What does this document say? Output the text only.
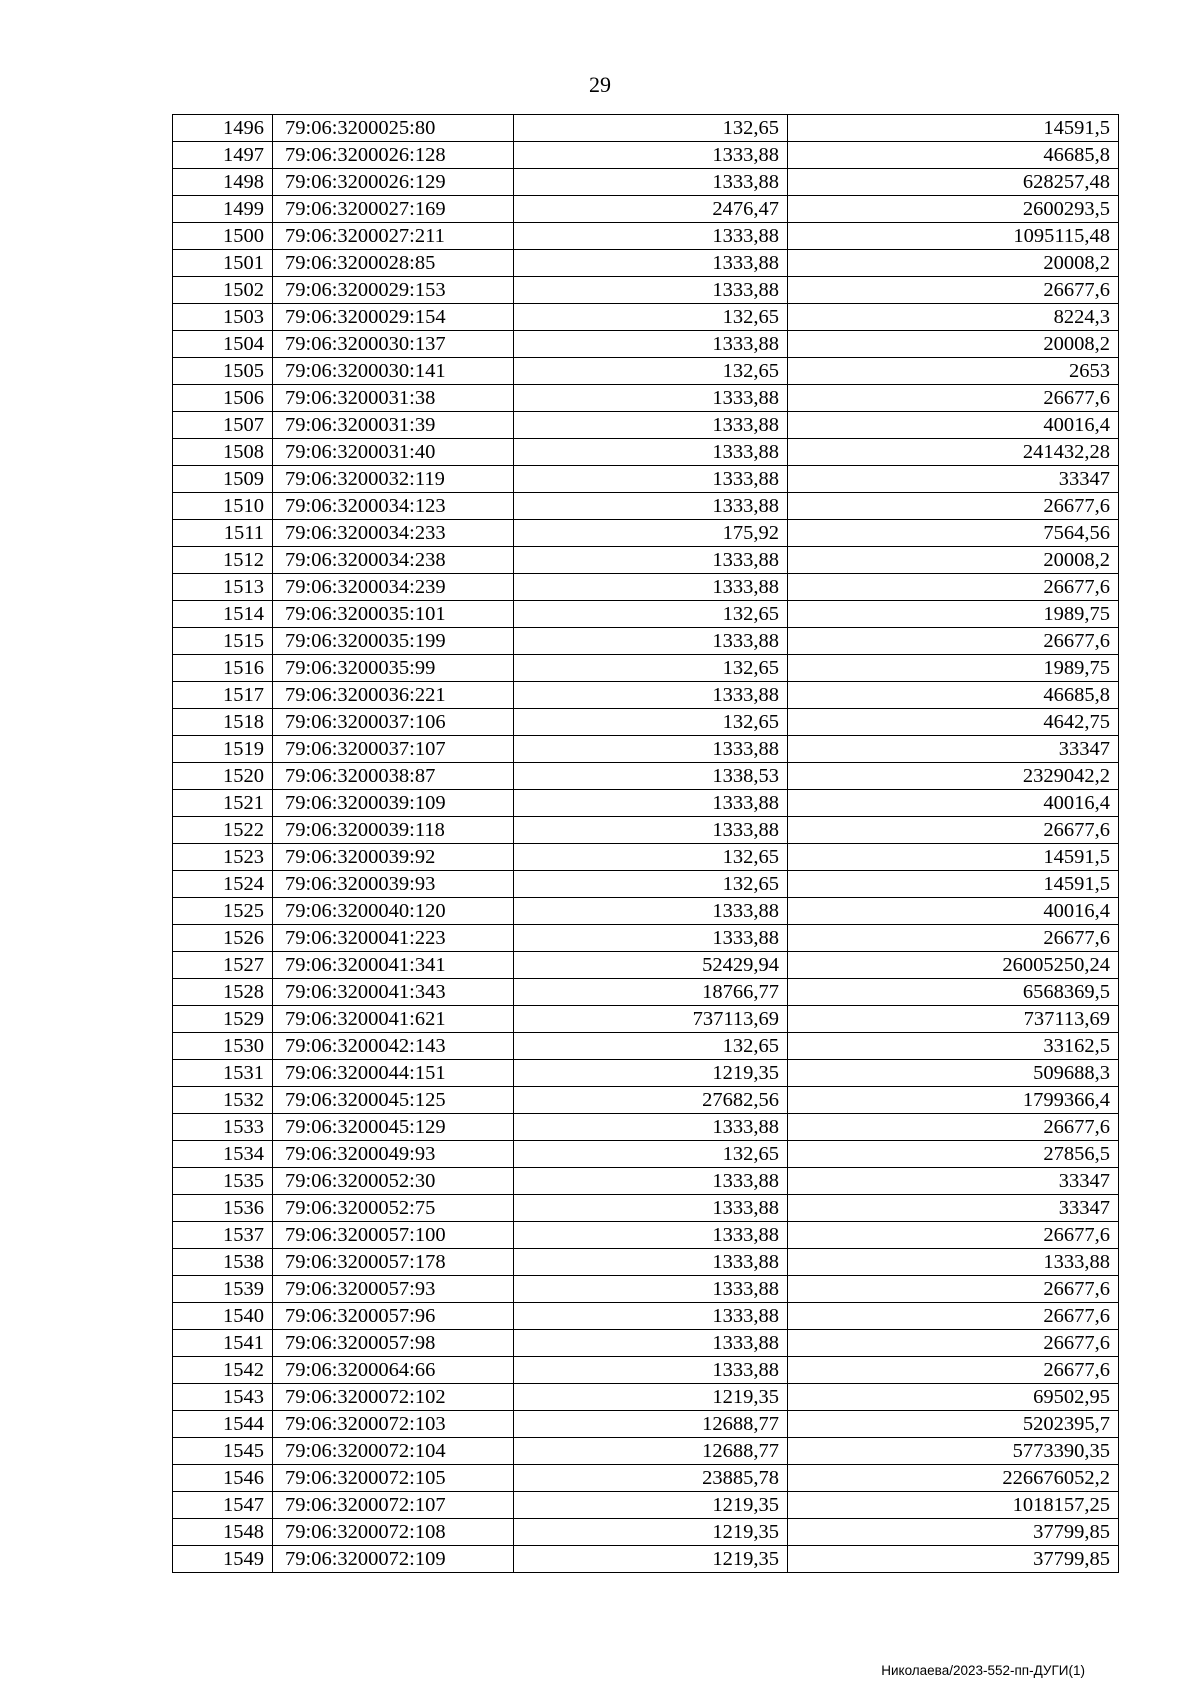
29
1496	79:06:3200025:80	132,65	14591,5
1497	79:06:3200026:128	1333,88	46685,8
1498	79:06:3200026:129	1333,88	628257,48
1499	79:06:3200027:169	2476,47	2600293,5
1500	79:06:3200027:211	1333,88	1095115,48
1501	79:06:3200028:85	1333,88	20008,2
1502	79:06:3200029:153	1333,88	26677,6
1503	79:06:3200029:154	132,65	8224,3
1504	79:06:3200030:137	1333,88	20008,2
1505	79:06:3200030:141	132,65	2653
1506	79:06:3200031:38	1333,88	26677,6
1507	79:06:3200031:39	1333,88	40016,4
1508	79:06:3200031:40	1333,88	241432,28
1509	79:06:3200032:119	1333,88	33347
1510	79:06:3200034:123	1333,88	26677,6
1511	79:06:3200034:233	175,92	7564,56
1512	79:06:3200034:238	1333,88	20008,2
1513	79:06:3200034:239	1333,88	26677,6
1514	79:06:3200035:101	132,65	1989,75
1515	79:06:3200035:199	1333,88	26677,6
1516	79:06:3200035:99	132,65	1989,75
1517	79:06:3200036:221	1333,88	46685,8
1518	79:06:3200037:106	132,65	4642,75
1519	79:06:3200037:107	1333,88	33347
1520	79:06:3200038:87	1338,53	2329042,2
1521	79:06:3200039:109	1333,88	40016,4
1522	79:06:3200039:118	1333,88	26677,6
1523	79:06:3200039:92	132,65	14591,5
1524	79:06:3200039:93	132,65	14591,5
1525	79:06:3200040:120	1333,88	40016,4
1526	79:06:3200041:223	1333,88	26677,6
1527	79:06:3200041:341	52429,94	26005250,24
1528	79:06:3200041:343	18766,77	6568369,5
1529	79:06:3200041:621	737113,69	737113,69
1530	79:06:3200042:143	132,65	33162,5
1531	79:06:3200044:151	1219,35	509688,3
1532	79:06:3200045:125	27682,56	1799366,4
1533	79:06:3200045:129	1333,88	26677,6
1534	79:06:3200049:93	132,65	27856,5
1535	79:06:3200052:30	1333,88	33347
1536	79:06:3200052:75	1333,88	33347
1537	79:06:3200057:100	1333,88	26677,6
1538	79:06:3200057:178	1333,88	1333,88
1539	79:06:3200057:93	1333,88	26677,6
1540	79:06:3200057:96	1333,88	26677,6
1541	79:06:3200057:98	1333,88	26677,6
1542	79:06:3200064:66	1333,88	26677,6
1543	79:06:3200072:102	1219,35	69502,95
1544	79:06:3200072:103	12688,77	5202395,7
1545	79:06:3200072:104	12688,77	5773390,35
1546	79:06:3200072:105	23885,78	226676052,2
1547	79:06:3200072:107	1219,35	1018157,25
1548	79:06:3200072:108	1219,35	37799,85
1549	79:06:3200072:109	1219,35	37799,85
Николаева/2023-552-пп-ДУГИ(1)
